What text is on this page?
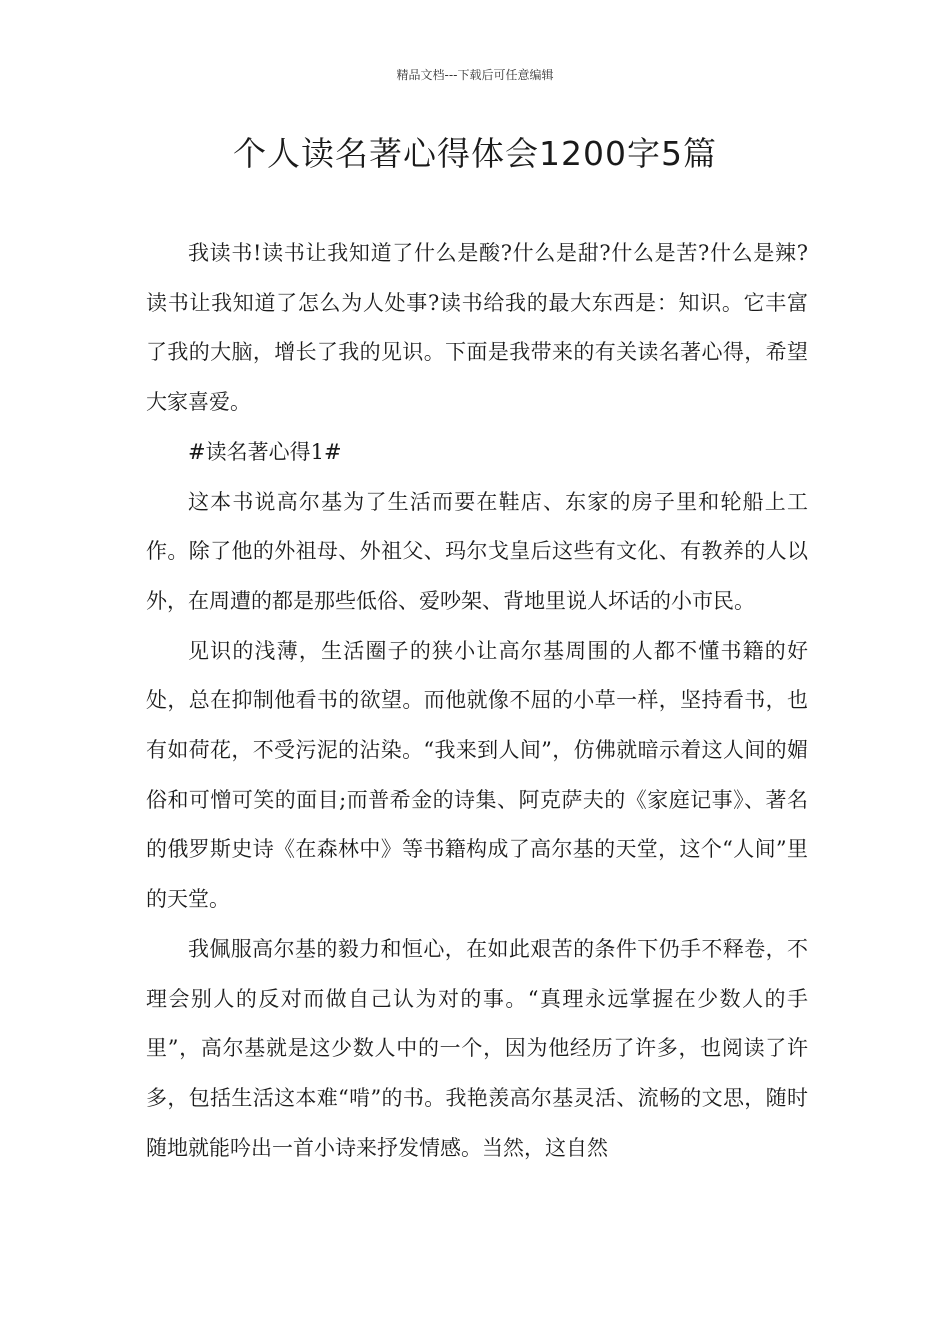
精品文档---下载后可任意编辑
个人读名著心得体会1200字5篇

我读书!读书让我知道了什么是酸?什么是甜?什么是苦?什么是辣?读书让我知道了怎么为人处事?读书给我的最大东西是：知识。它丰富了我的大脑，增长了我的见识。下面是我带来的有关读名著心得，希望大家喜爱。

#读名著心得1#

这本书说高尔基为了生活而要在鞋店、东家的房子里和轮船上工作。除了他的外祖母、外祖父、玛尔戈皇后这些有文化、有教养的人以外，在周遭的都是那些低俗、爱吵架、背地里说人坏话的小市民。

见识的浅薄，生活圈子的狭小让高尔基周围的人都不懂书籍的好处，总在抑制他看书的欲望。而他就像不屈的小草一样，坚持看书，也有如荷花，不受污泥的沾染。“我来到人间”，仿佛就暗示着这人间的媚俗和可憎可笑的面目;而普希金的诗集、阿克萨夫的《家庭记事》、著名的俄罗斯史诗《在森林中》等书籍构成了高尔基的天堂，这个“人间”里的天堂。

我佩服高尔基的毅力和恒心，在如此艰苦的条件下仍手不释卷，不理会别人的反对而做自己认为对的事。“真理永远掌握在少数人的手里”，高尔基就是这少数人中的一个，因为他经历了许多，也阅读了许多，包括生活这本难“啃”的书。我艳羡高尔基灵活、流畅的文思，随时随地就能吟出一首小诗来抒发情感。当然，这自然
